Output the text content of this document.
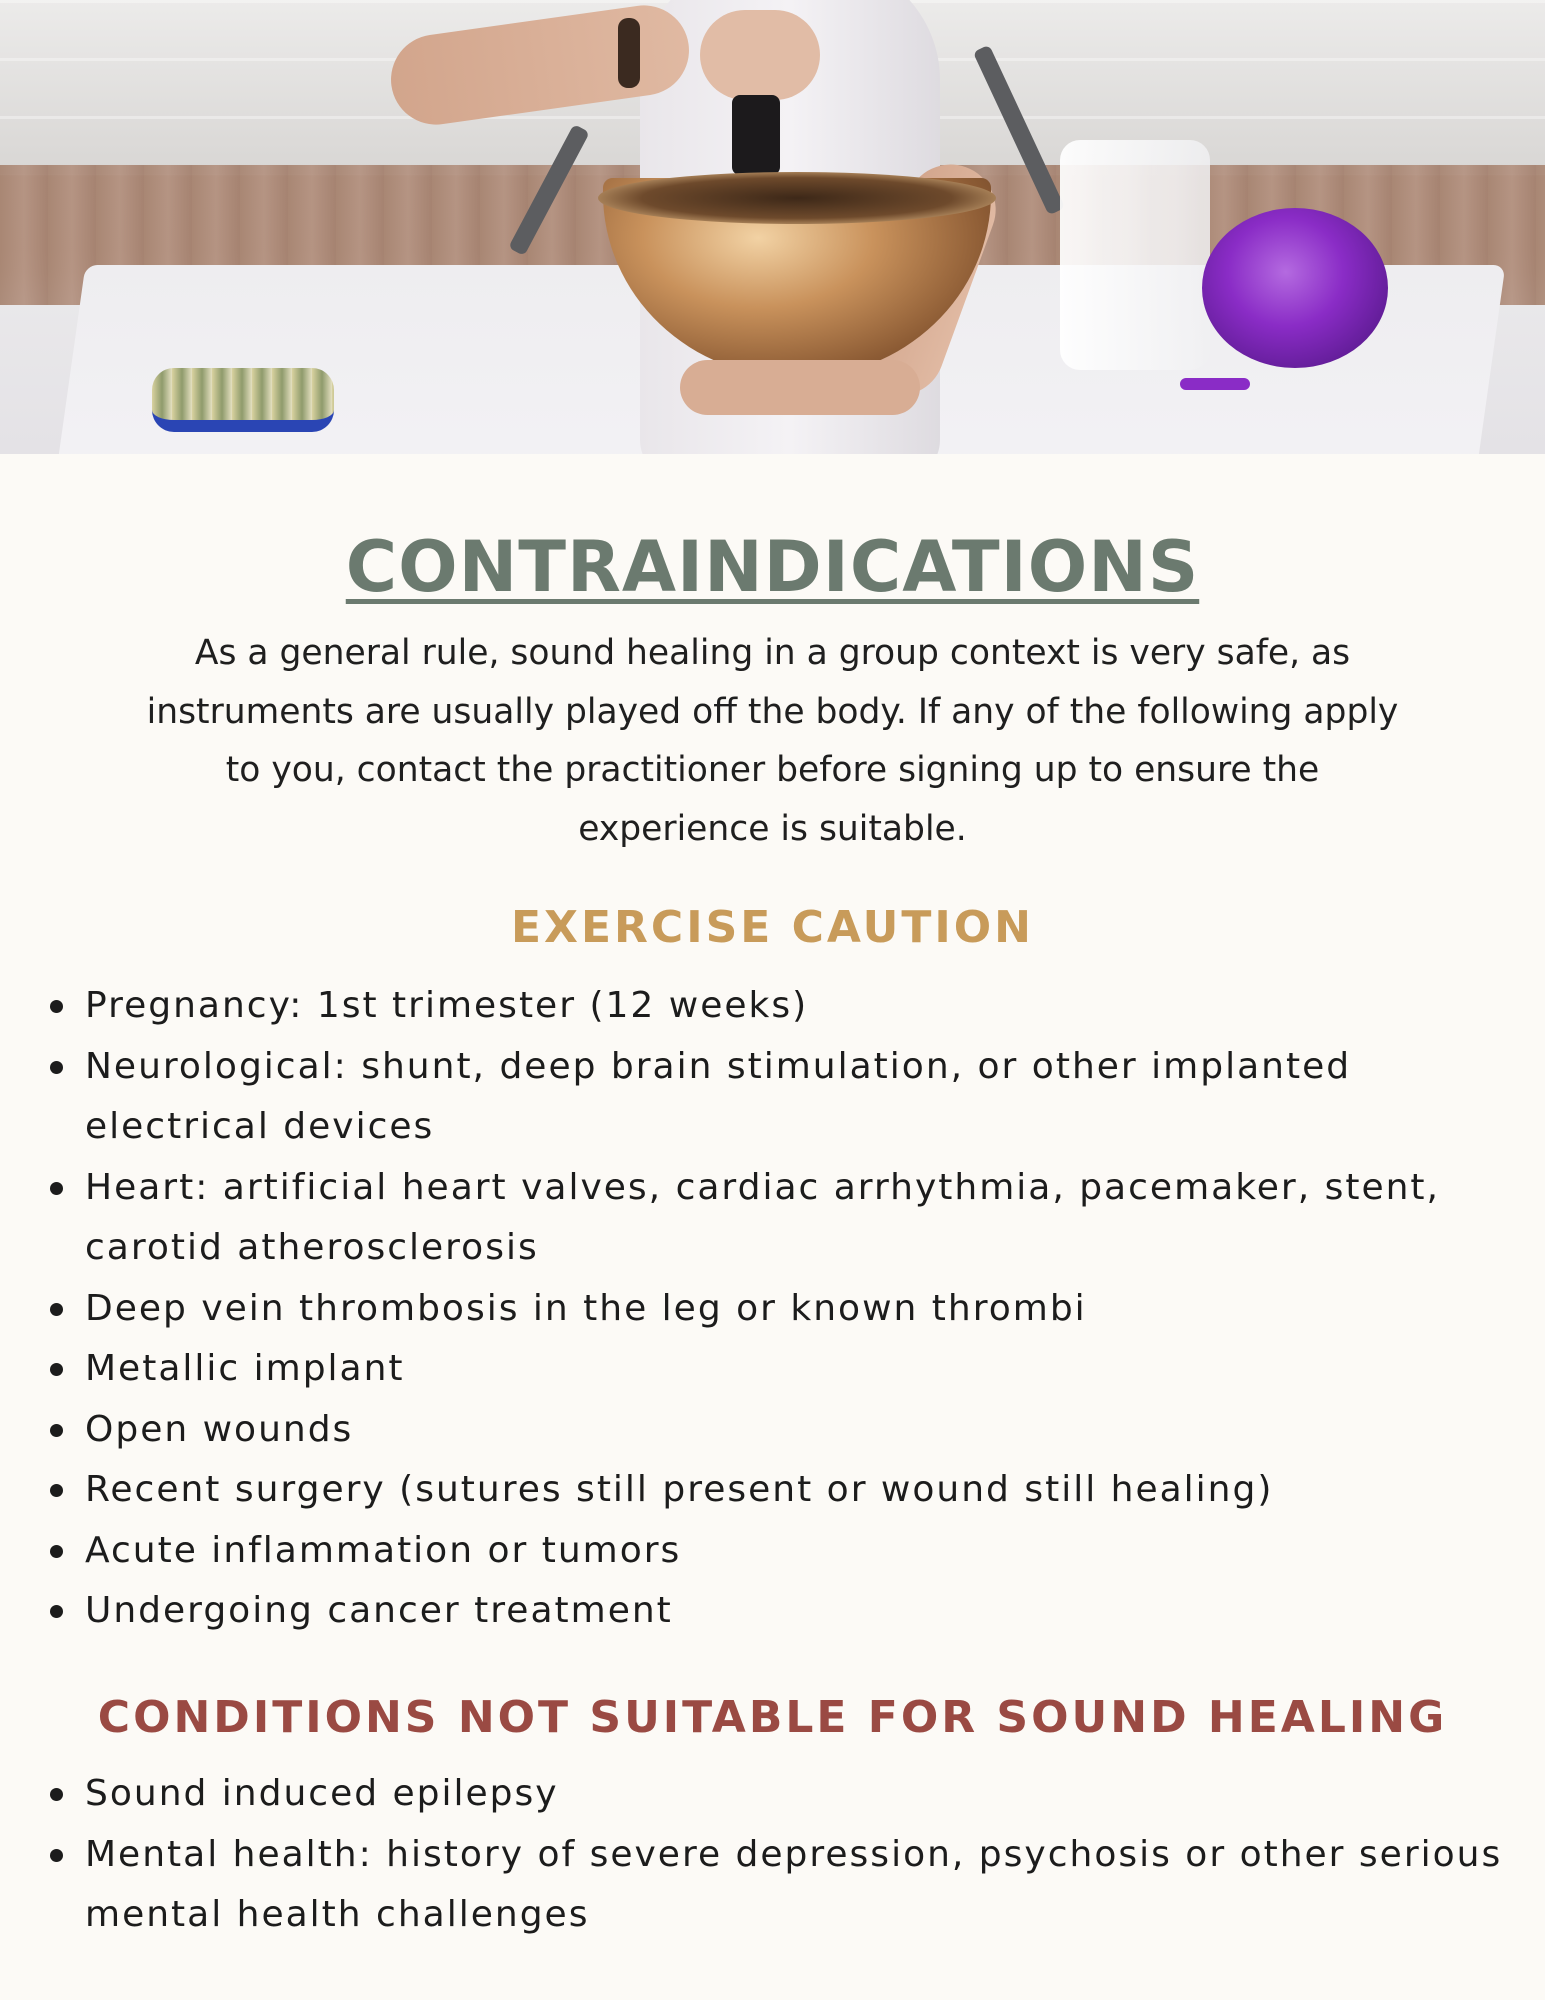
CONTRAINDICATIONS

As a general rule, sound healing in a group context is very safe, as
instruments are usually played off the body. If any of the following apply
to you, contact the practitioner before signing up to ensure the
experience is suitable.

EXERCISE CAUTION
Pregnancy: 1st trimester (12 weeks)
Neurological: shunt, deep brain stimulation, or other implanted electrical devices
Heart: artificial heart valves, cardiac arrhythmia, pacemaker, stent, carotid atherosclerosis
Deep vein thrombosis in the leg or known thrombi
Metallic implant
Open wounds
Recent surgery (sutures still present or wound still healing)
Acute inflammation or tumors
Undergoing cancer treatment
CONDITIONS NOT SUITABLE FOR SOUND HEALING
Sound induced epilepsy
Mental health: history of severe depression, psychosis or other serious mental health challenges
